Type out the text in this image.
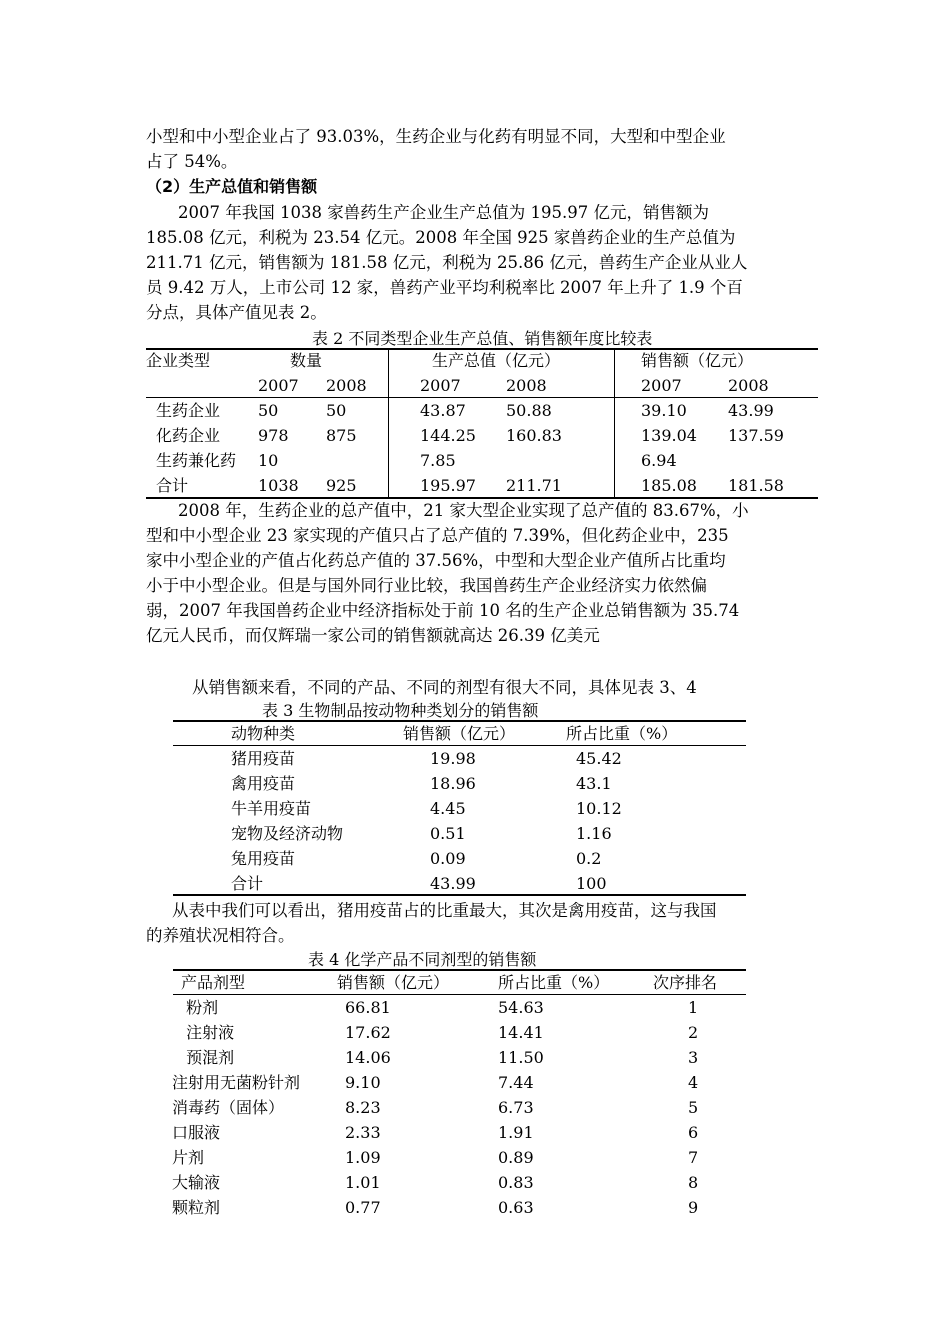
小型和中小型企业占了 93.03%，生药企业与化药有明显不同，大型和中型企业
占了 54%。

（2）生产总值和销售额

2007 年我国 1038 家兽药生产企业生产总值为 195.97 亿元，销售额为
185.08 亿元，利税为 23.54 亿元。2008 年全国 925 家兽药企业的生产总值为
211.71 亿元，销售额为 181.58 亿元，利税为 25.86 亿元，兽药生产企业从业人
员 9.42 万人，上市公司 12 家，兽药产业平均利税率比 2007 年上升了 1.9 个百
分点，具体产值见表 2。

表 2 不同类型企业生产总值、销售额年度比较表
企业类型	数量	生产总值（亿元）	销售额（亿元）
2007 2008	2007	2008	2007	2008
生药企业 50	50	43.87	50.88	39.10	43.99
化药企业 978 875	144.25 160.83	139.04 137.59
生药兼化药 10	7.85	6.94
合计	1038 925	195.97 211.71	185.08 181.58

2008 年，生药企业的总产值中，21 家大型企业实现了总产值的 83.67%，小
型和中小型企业 23 家实现的产值只占了总产值的 7.39%，但化药企业中，235
家中小型企业的产值占化药总产值的 37.56%，中型和大型企业产值所占比重均
小于中小型企业。但是与国外同行业比较，我国兽药生产企业经济实力依然偏
弱，2007 年我国兽药企业中经济指标处于前 10 名的生产企业总销售额为 35.74
亿元人民币，而仅辉瑞一家公司的销售额就高达 26.39 亿美元

从销售额来看，不同的产品、不同的剂型有很大不同，具体见表 3、4
表 3 生物制品按动物种类划分的销售额
动物种类	销售额（亿元）	所占比重（%）
猪用疫苗	19.98	45.42
禽用疫苗	18.96	43.1
牛羊用疫苗	4.45	10.12
宠物及经济动物	0.51	1.16
兔用疫苗	0.09	0.2
合计	43.99	100

从表中我们可以看出，猪用疫苗占的比重最大，其次是禽用疫苗，这与我国
的养殖状况相符合。

表 4 化学产品不同剂型的销售额
产品剂型	销售额（亿元）	所占比重（%）	次序排名
粉剂	66.81	54.63	1
注射液	17.62	14.41	2
预混剂	14.06	11.50	3
注射用无菌粉针剂	9.10	7.44	4
消毒药（固体）	8.23	6.73	5
口服液	2.33	1.91	6
片剂	1.09	0.89	7
大输液	1.01	0.83	8
颗粒剂	0.77	0.63	9
